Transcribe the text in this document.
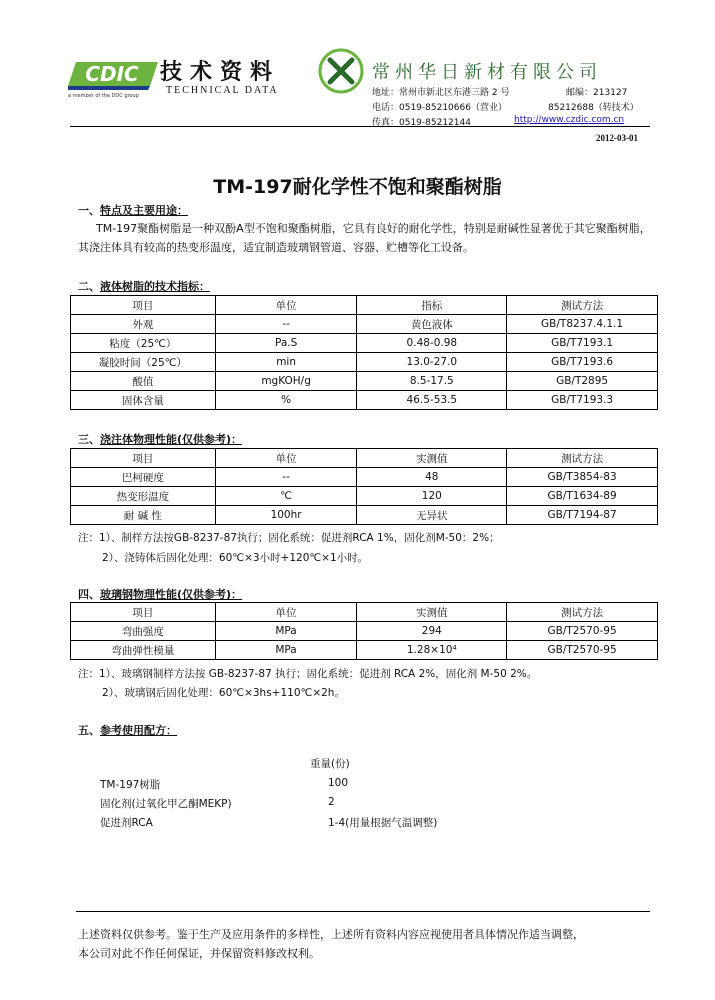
CDIC
a member of the DDC group
技术资料
TECHNICAL DATA
常州华日新材有限公司
地址：常州市新北区东港三路 2 号	邮编：213127
电话：0519-85210666（营业）	85212688（转技术）
传真：0519-85212144	http://www.czdic.com.cn
2012-03-01
TM-197耐化学性不饱和聚酯树脂
一、特点及主要用途：
TM-197聚酯树脂是一种双酚A型不饱和聚酯树脂，它具有良好的耐化学性，特别是耐碱性显著优于其它聚酯树脂，其浇注体具有较高的热变形温度，适宜制造玻璃钢管道、容器、贮槽等化工设备。
二、液体树脂的技术指标：
项目	单位	指标	测试方法
外观	--	黄色液体	GB/T8237.4.1.1
粘度（25℃）	Pa.S	0.48-0.98	GB/T7193.1
凝胶时间（25℃）	min	13.0-27.0	GB/T7193.6
酸值	mgKOH/g	8.5-17.5	GB/T2895
固体含量	%	46.5-53.5	GB/T7193.3
三、浇注体物理性能(仅供参考)：
项目	单位	实测值	测试方法
巴柯硬度	--	48	GB/T3854-83
热变形温度	℃	120	GB/T1634-89
耐 碱 性	100hr	无异状	GB/T7194-87
注：1）、制样方法按GB-8237-87执行；固化系统：促进剂RCA 1%，固化剂M-50：2%；
2）、浇铸体后固化处理：60℃×3小时+120℃×1小时。
四、玻璃钢物理性能(仅供参考)：
项目	单位	实测值	测试方法
弯曲强度	MPa	294	GB/T2570-95
弯曲弹性模量	MPa	1.28×10⁴	GB/T2570-95
注：1）、玻璃钢制样方法按 GB-8237-87 执行；固化系统：促进剂 RCA 2%，固化剂 M-50 2%。
2）、玻璃钢后固化处理：60℃×3hs+110℃×2h。
五、参考使用配方：
重量(份)
TM-197树脂	100
固化剂(过氧化甲乙酮MEKP)	2
促进剂RCA	1-4(用量根据气温调整)
上述资料仅供参考。鉴于生产及应用条件的多样性，上述所有资料内容应视使用者具体情况作适当调整，
本公司对此不作任何保证，并保留资料修改权利。
